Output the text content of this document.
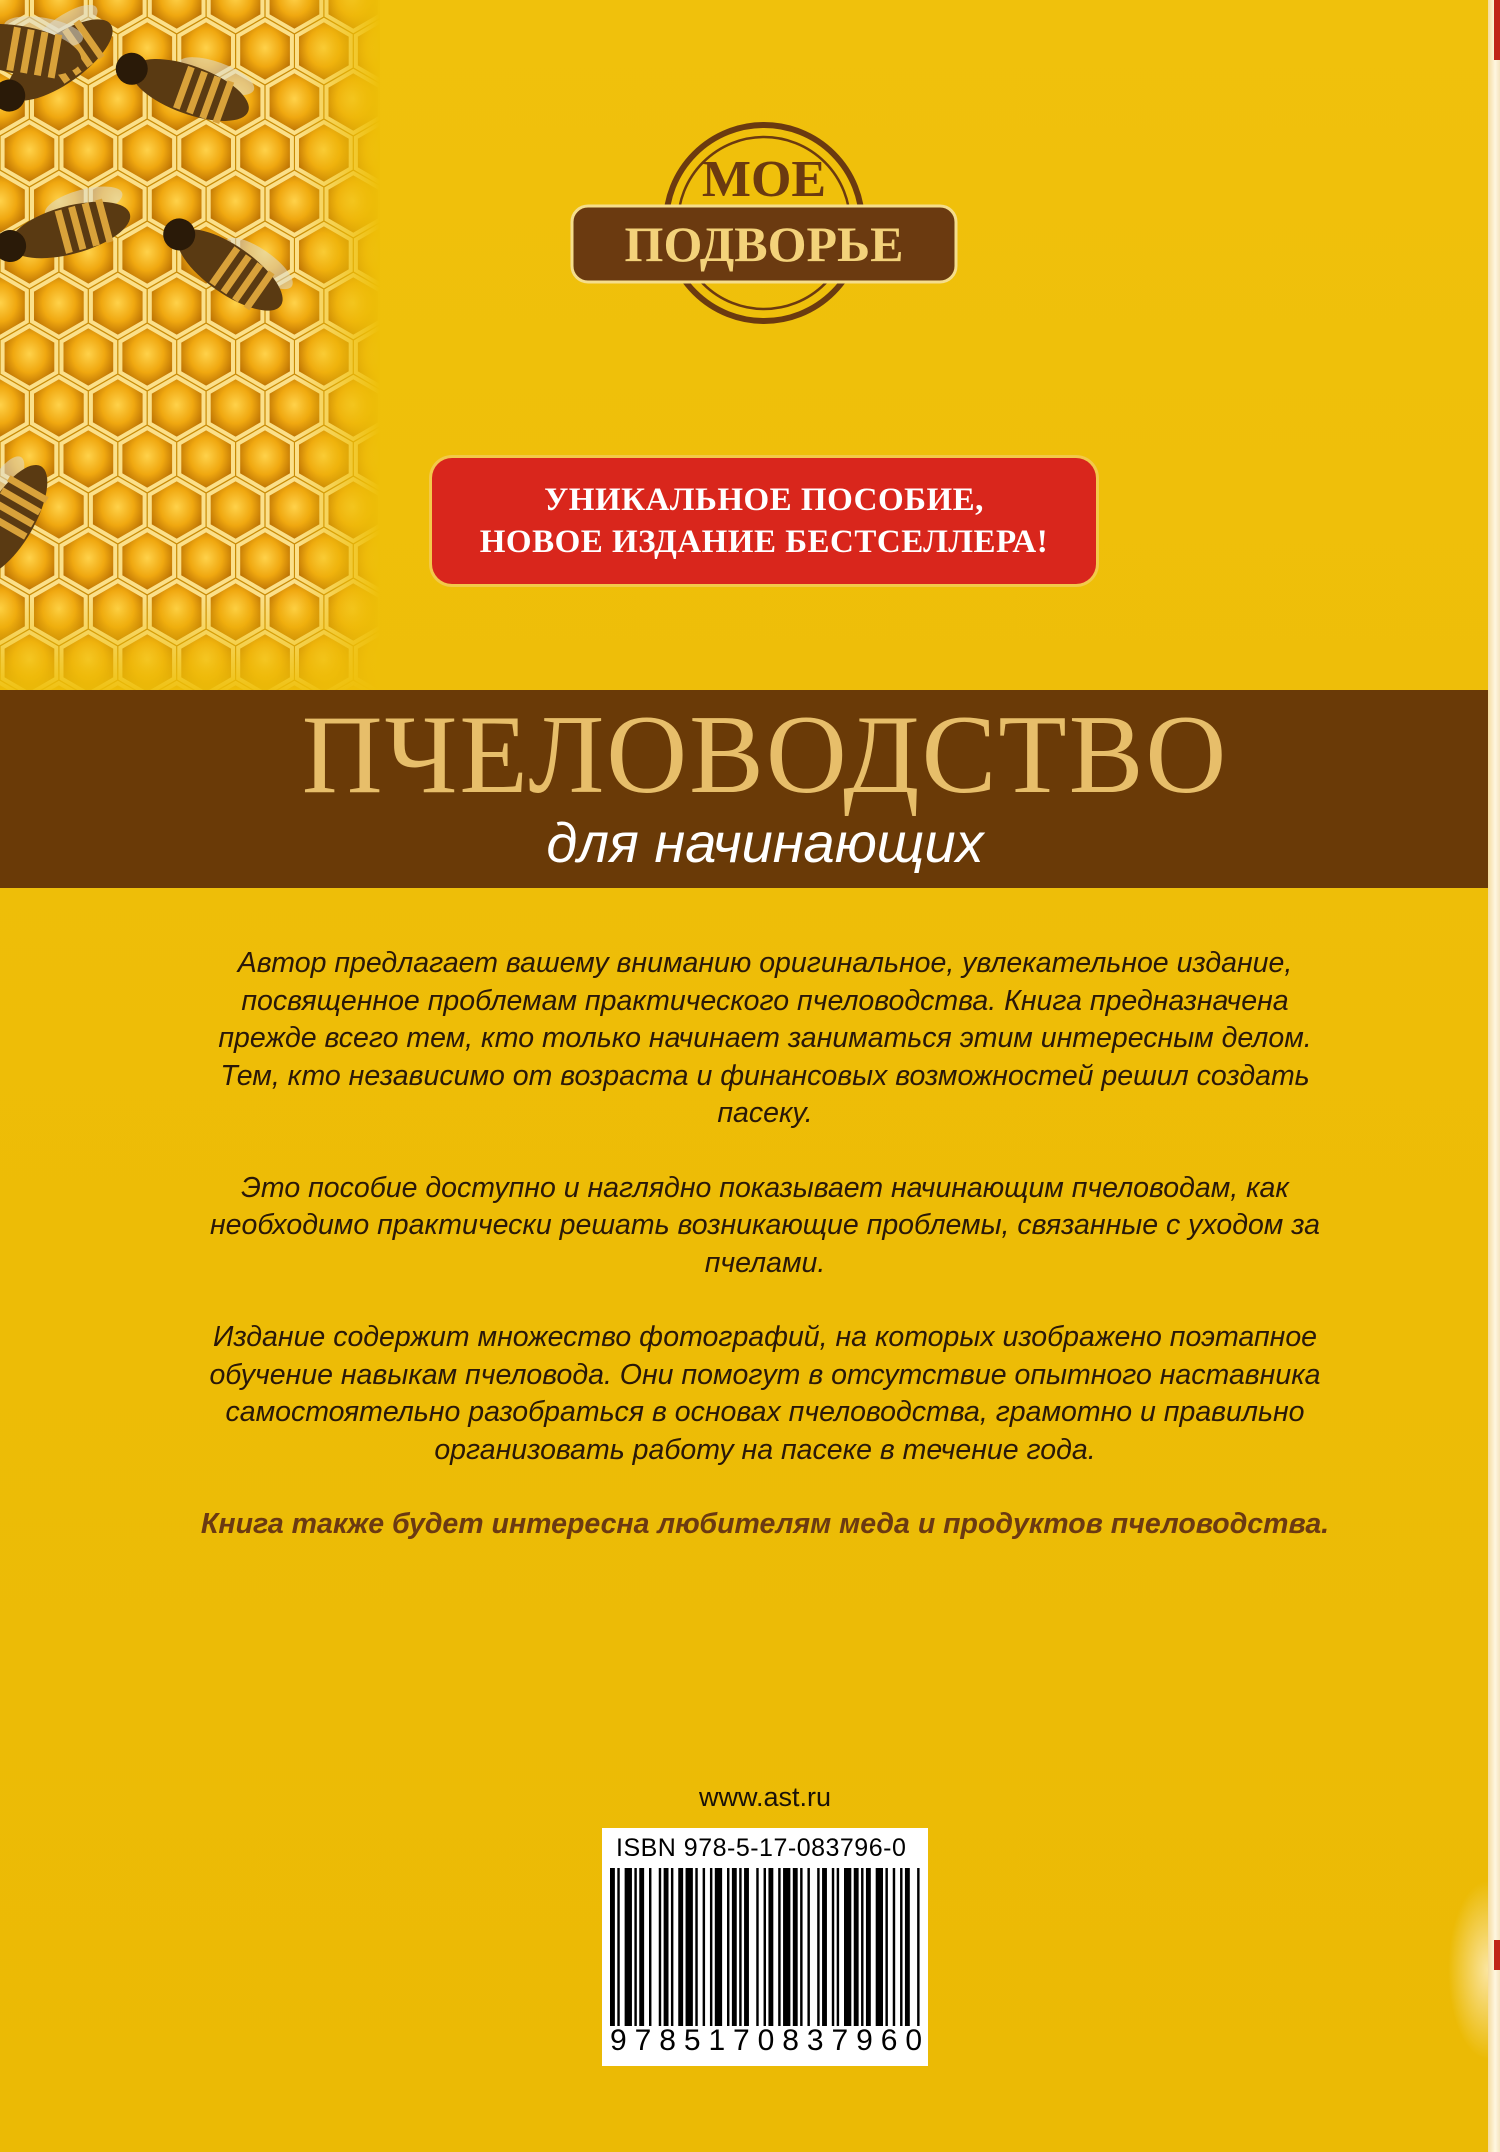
МОЕ
ПОДВОРЬЕ
УНИКАЛЬНОЕ ПОСОБИЕ,
НОВОЕ ИЗДАНИЕ БЕСТСЕЛЛЕРА!
ПЧЕЛОВОДСТВО
для начинающих

Автор предлагает вашему вниманию оригинальное, увлекательное издание, посвященное проблемам практического пчеловодства. Книга предназначена прежде всего тем, кто только начинает заниматься этим интересным делом. Тем, кто независимо от возраста и финансовых возможностей решил создать пасеку.

Это пособие доступно и наглядно показывает начинающим пчеловодам, как необходимо практически решать возникающие проблемы, связанные с уходом за пчелами.

Издание содержит множество фотографий, на которых изображено поэтапное обучение навыкам пчеловода. Они помогут в отсутствие опытного наставника самостоятельно разобраться в основах пчеловодства, грамотно и правильно организовать работу на пасеке в течение года.

Книга также будет интересна любителям меда и продуктов пчеловодства.

www.ast.ru
ISBN 978-5-17-083796-0
9 7 8 5 1 7 0 8 3 7 9 6 0
